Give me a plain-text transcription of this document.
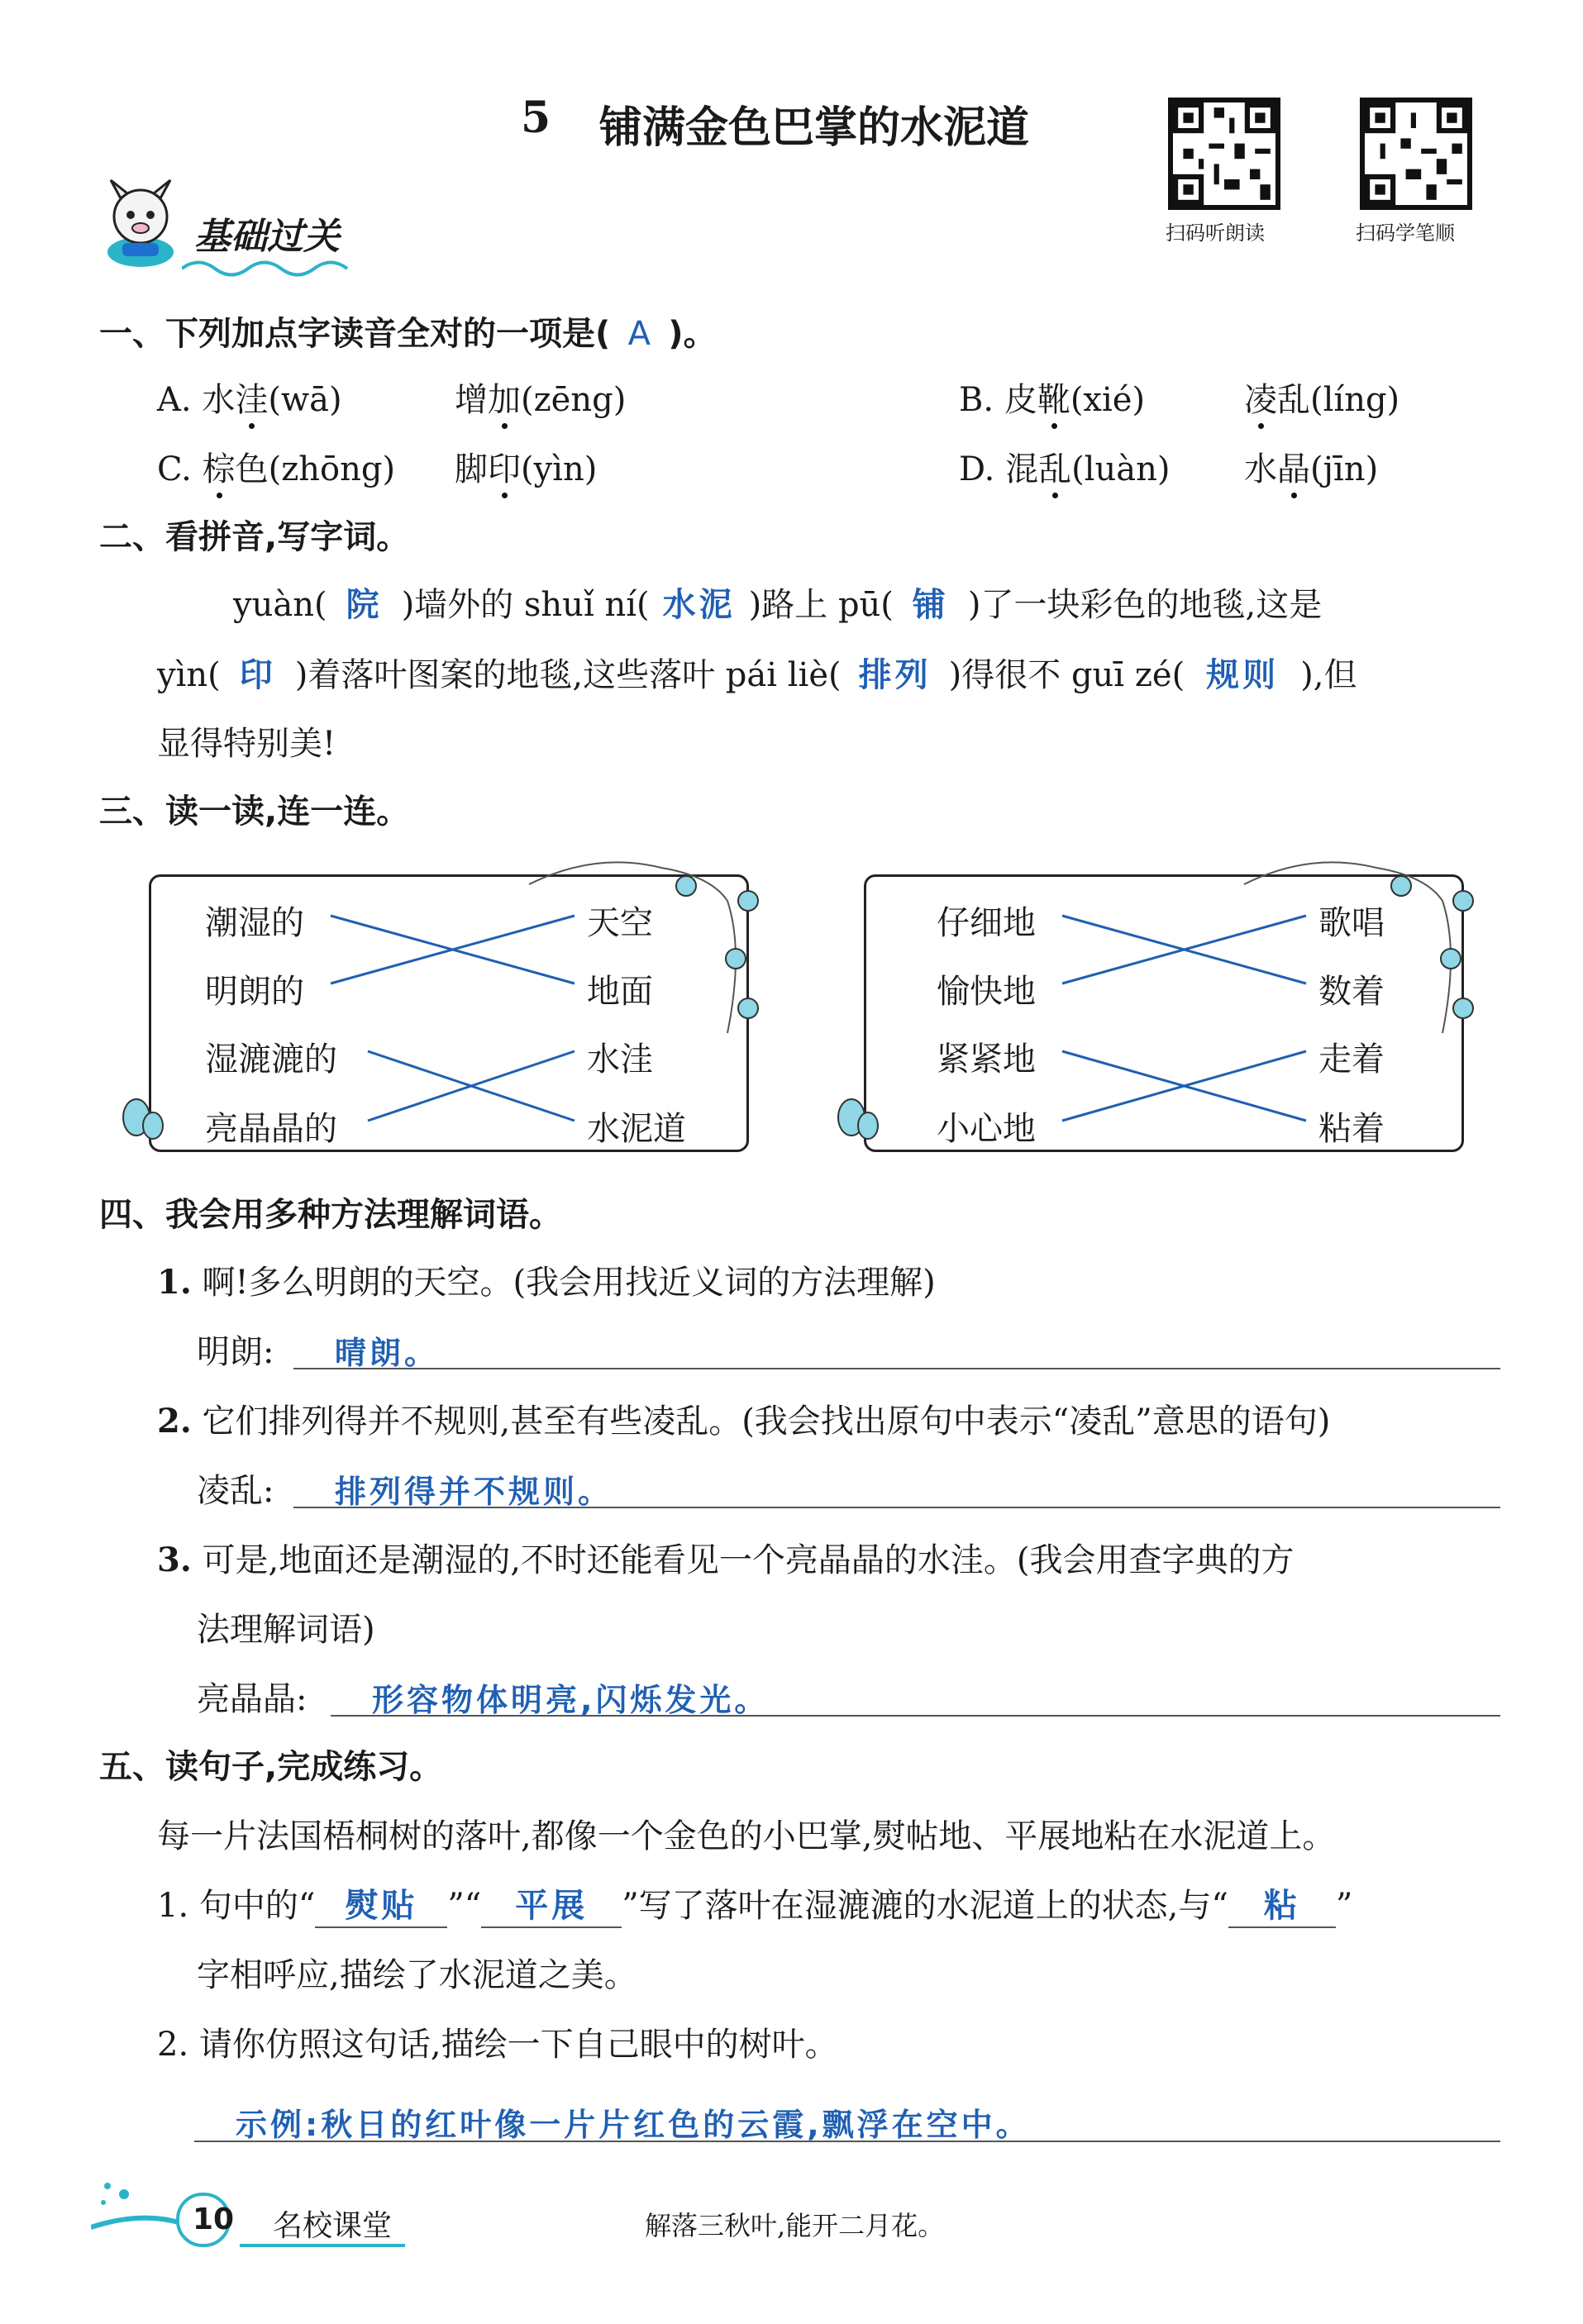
5 铺满金色巴掌的水泥道
扫码听朗读	扫码学笔顺
基础过关
一、下列加点字读音全对的一项是( A )。
A. 水洼(wā)	增加(zēng)	B. 皮靴(xié)	凌乱(líng)
C. 棕色(zhōng) 脚印(yìn)	D. 混乱(luàn) 水晶(jīn)
二、看拼音,写字词。
yuàn( 院 )墙外的 shuǐ ní( 水泥 )路上 pū( 铺 )了一块彩色的地毯,这是
yìn( 印 )着落叶图案的地毯,这些落叶 pái liè( 排列 )得很不 guī zé( 规则 ),但
显得特别美!
三、读一读,连一连。
潮湿的
明朗的
湿漉漉的
亮晶晶的
天空
地面
水洼
水泥道
仔细地
愉快地
紧紧地
小心地
歌唱
数着
走着
粘着
四、我会用多种方法理解词语。
1. 啊!多么明朗的天空。(我会用找近义词的方法理解)
明朗: 晴朗。
2. 它们排列得并不规则,甚至有些凌乱。(我会找出原句中表示“凌乱”意思的语句)
凌乱: 排列得并不规则。
3. 可是,地面还是潮湿的,不时还能看见一个亮晶晶的水洼。(我会用查字典的方
法理解词语)
亮晶晶: 形容物体明亮,闪烁发光。
五、读句子,完成练习。
每一片法国梧桐树的落叶,都像一个金色的小巴掌,熨帖地、平展地粘在水泥道上。
1. 句中的“ 熨贴 ”“ 平展 ”写了落叶在湿漉漉的水泥道上的状态,与“ 粘 ”
字相呼应,描绘了水泥道之美。
2. 请你仿照这句话,描绘一下自己眼中的树叶。
示例:秋日的红叶像一片片红色的云霞,飘浮在空中。
10 名校课堂	解落三秋叶,能开二月花。
